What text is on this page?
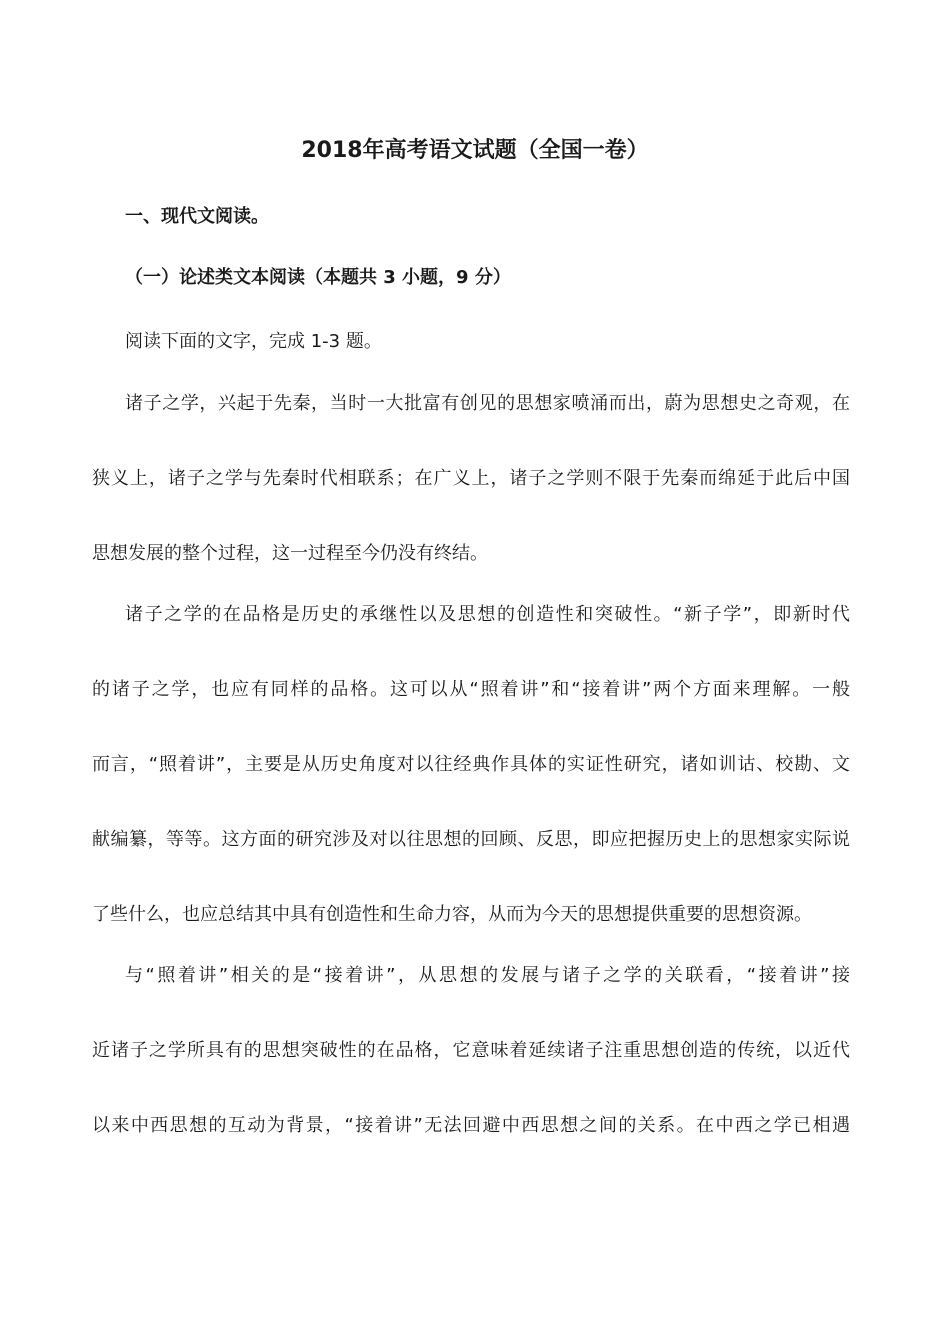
2018年高考语文试题（全国一卷）
一、现代文阅读。
（一）论述类文本阅读（本题共 3 小题，9 分）
阅读下面的文字，完成 1-3 题。
诸子之学，兴起于先秦，当时一大批富有创见的思想家喷涌而出，蔚为思想史之奇观，在
狭义上，诸子之学与先秦时代相联系；在广义上，诸子之学则不限于先秦而绵延于此后中国
思想发展的整个过程，这一过程至今仍没有终结。
诸子之学的在品格是历史的承继性以及思想的创造性和突破性。“新子学”，即新时代
的诸子之学，也应有同样的品格。这可以从“照着讲”和“接着讲”两个方面来理解。一般
而言，“照着讲”，主要是从历史角度对以往经典作具体的实证性研究，诸如训诂、校勘、文
献编纂，等等。这方面的研究涉及对以往思想的回顾、反思，即应把握历史上的思想家实际说
了些什么，也应总结其中具有创造性和生命力容，从而为今天的思想提供重要的思想资源。
与“照着讲”相关的是“接着讲”，从思想的发展与诸子之学的关联看，“接着讲”接
近诸子之学所具有的思想突破性的在品格，它意味着延续诸子注重思想创造的传统，以近代
以来中西思想的互动为背景，“接着讲”无法回避中西思想之间的关系。在中西之学已相遇
